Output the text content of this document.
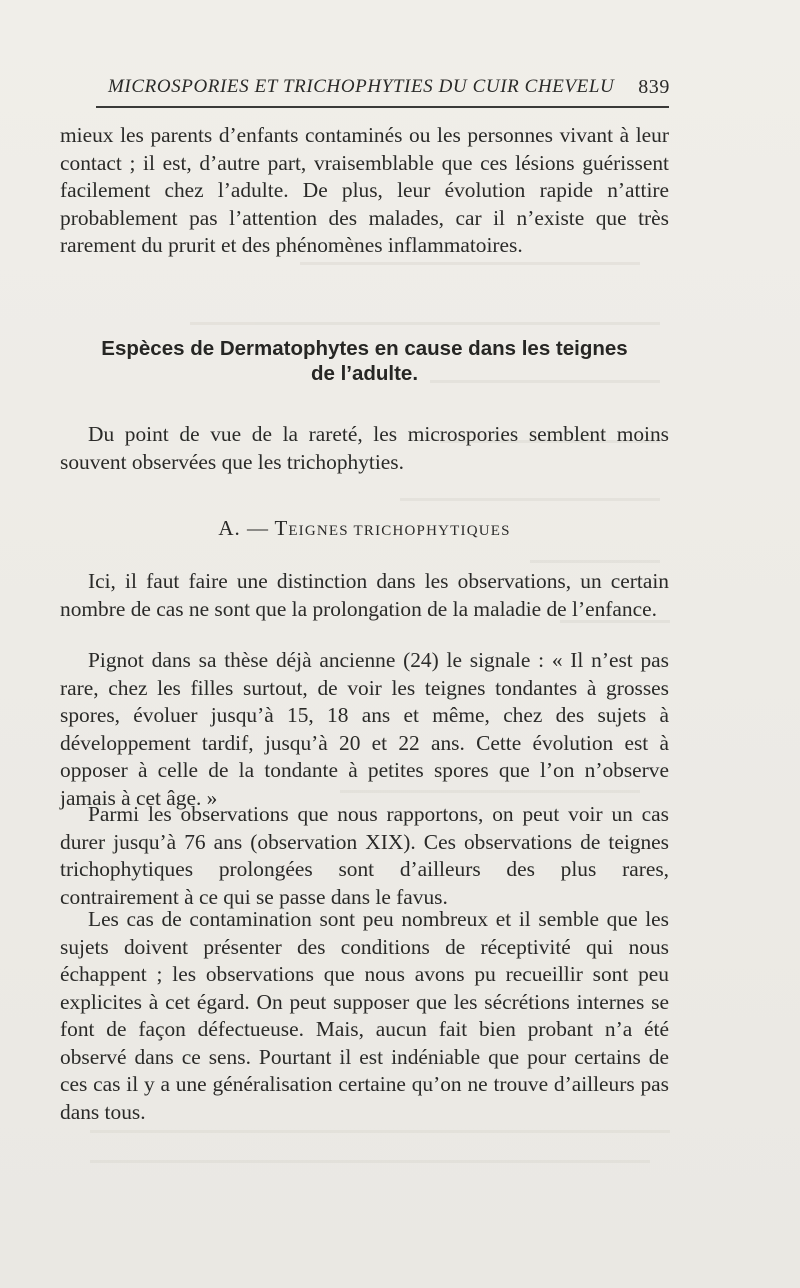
MICROSPORIES ET TRICHOPHYTIES DU CUIR CHEVELU 839

mieux les parents d’enfants contaminés ou les personnes vivant à leur contact ; il est, d’autre part, vraisemblable que ces lésions guérissent facilement chez l’adulte. De plus, leur évolution rapide n’attire probablement pas l’attention des malades, car il n’existe que très rarement du prurit et des phénomènes inflammatoires.

Espèces de Dermatophytes en cause dans les teignes
de l’adulte.

Du point de vue de la rareté, les microspories semblent moins souvent observées que les trichophyties.

A. — TEIGNES TRICHOPHYTIQUES

Ici, il faut faire une distinction dans les observations, un certain nombre de cas ne sont que la prolongation de la maladie de l’enfance.

Pignot dans sa thèse déjà ancienne (24) le signale : « Il n’est pas rare, chez les filles surtout, de voir les teignes tondantes à grosses spores, évoluer jusqu’à 15, 18 ans et même, chez des sujets à développement tardif, jusqu’à 20 et 22 ans. Cette évolution est à opposer à celle de la tondante à petites spores que l’on n’observe jamais à cet âge. »

Parmi les observations que nous rapportons, on peut voir un cas durer jusqu’à 76 ans (observation XIX). Ces observations de teignes trichophytiques prolongées sont d’ailleurs des plus rares, contrairement à ce qui se passe dans le favus.

Les cas de contamination sont peu nombreux et il semble que les sujets doivent présenter des conditions de réceptivité qui nous échappent ; les observations que nous avons pu recueillir sont peu explicites à cet égard. On peut supposer que les sécrétions internes se font de façon défectueuse. Mais, aucun fait bien probant n’a été observé dans ce sens. Pourtant il est indéniable que pour certains de ces cas il y a une généralisation certaine qu’on ne trouve d’ailleurs pas dans tous.
